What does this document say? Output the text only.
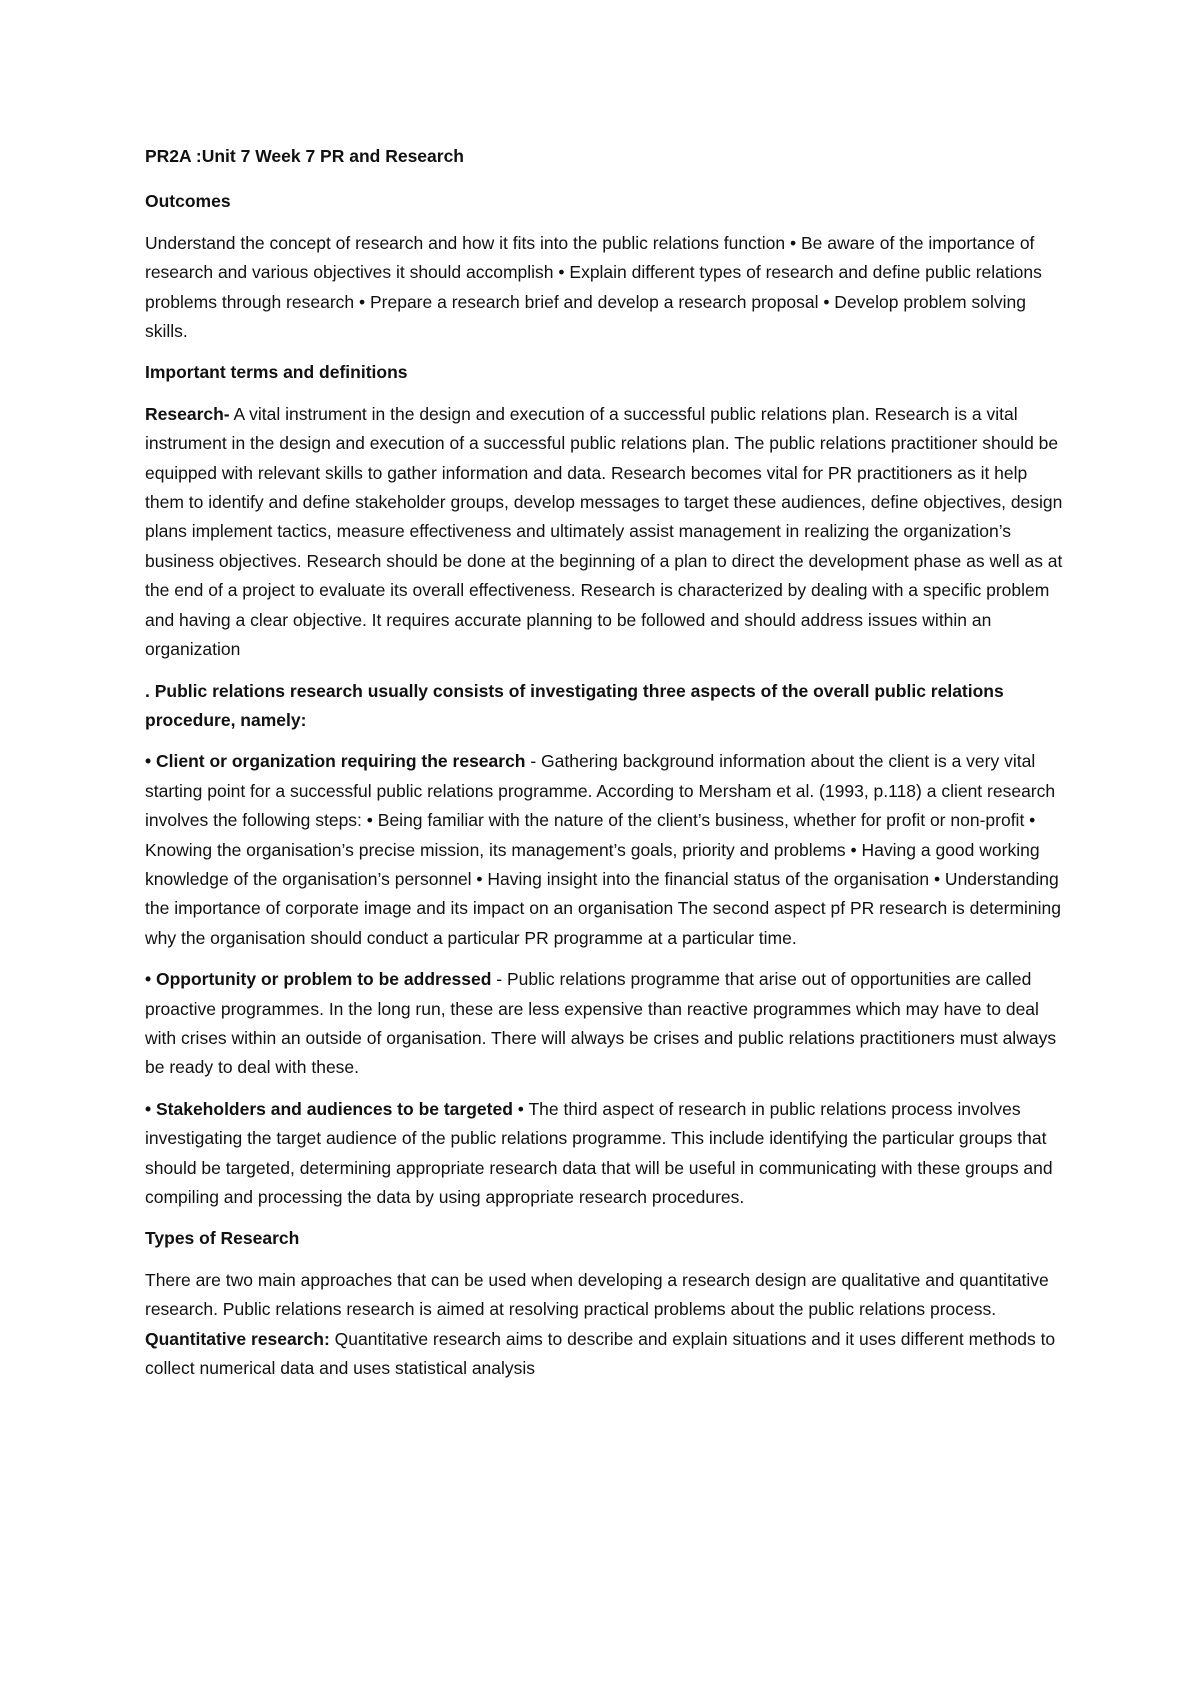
PR2A :Unit 7 Week 7 PR and Research

Outcomes

Understand the concept of research and how it fits into the public relations function • Be aware of the importance of research and various objectives it should accomplish • Explain different types of research and define public relations problems through research • Prepare a research brief and develop a research proposal • Develop problem solving skills.

Important terms and definitions

Research- A vital instrument in the design and execution of a successful public relations plan. Research is a vital instrument in the design and execution of a successful public relations plan. The public relations practitioner should be equipped with relevant skills to gather information and data. Research becomes vital for PR practitioners as it help them to identify and define stakeholder groups, develop messages to target these audiences, define objectives, design plans implement tactics, measure effectiveness and ultimately assist management in realizing the organization’s business objectives. Research should be done at the beginning of a plan to direct the development phase as well as at the end of a project to evaluate its overall effectiveness. Research is characterized by dealing with a specific problem and having a clear objective. It requires accurate planning to be followed and should address issues within an organization

. Public relations research usually consists of investigating three aspects of the overall public relations procedure, namely:

• Client or organization requiring the research - Gathering background information about the client is a very vital starting point for a successful public relations programme. According to Mersham et al. (1993, p.118) a client research involves the following steps: • Being familiar with the nature of the client’s business, whether for profit or non-profit • Knowing the organisation’s precise mission, its management’s goals, priority and problems • Having a good working knowledge of the organisation’s personnel • Having insight into the financial status of the organisation • Understanding the importance of corporate image and its impact on an organisation The second aspect pf PR research is determining why the organisation should conduct a particular PR programme at a particular time.

• Opportunity or problem to be addressed - Public relations programme that arise out of opportunities are called proactive programmes. In the long run, these are less expensive than reactive programmes which may have to deal with crises within an outside of organisation. There will always be crises and public relations practitioners must always be ready to deal with these.

• Stakeholders and audiences to be targeted • The third aspect of research in public relations process involves investigating the target audience of the public relations programme. This include identifying the particular groups that should be targeted, determining appropriate research data that will be useful in communicating with these groups and compiling and processing the data by using appropriate research procedures.

Types of Research

There are two main approaches that can be used when developing a research design are qualitative and quantitative research. Public relations research is aimed at resolving practical problems about the public relations process. Quantitative research: Quantitative research aims to describe and explain situations and it uses different methods to collect numerical data and uses statistical analysis
